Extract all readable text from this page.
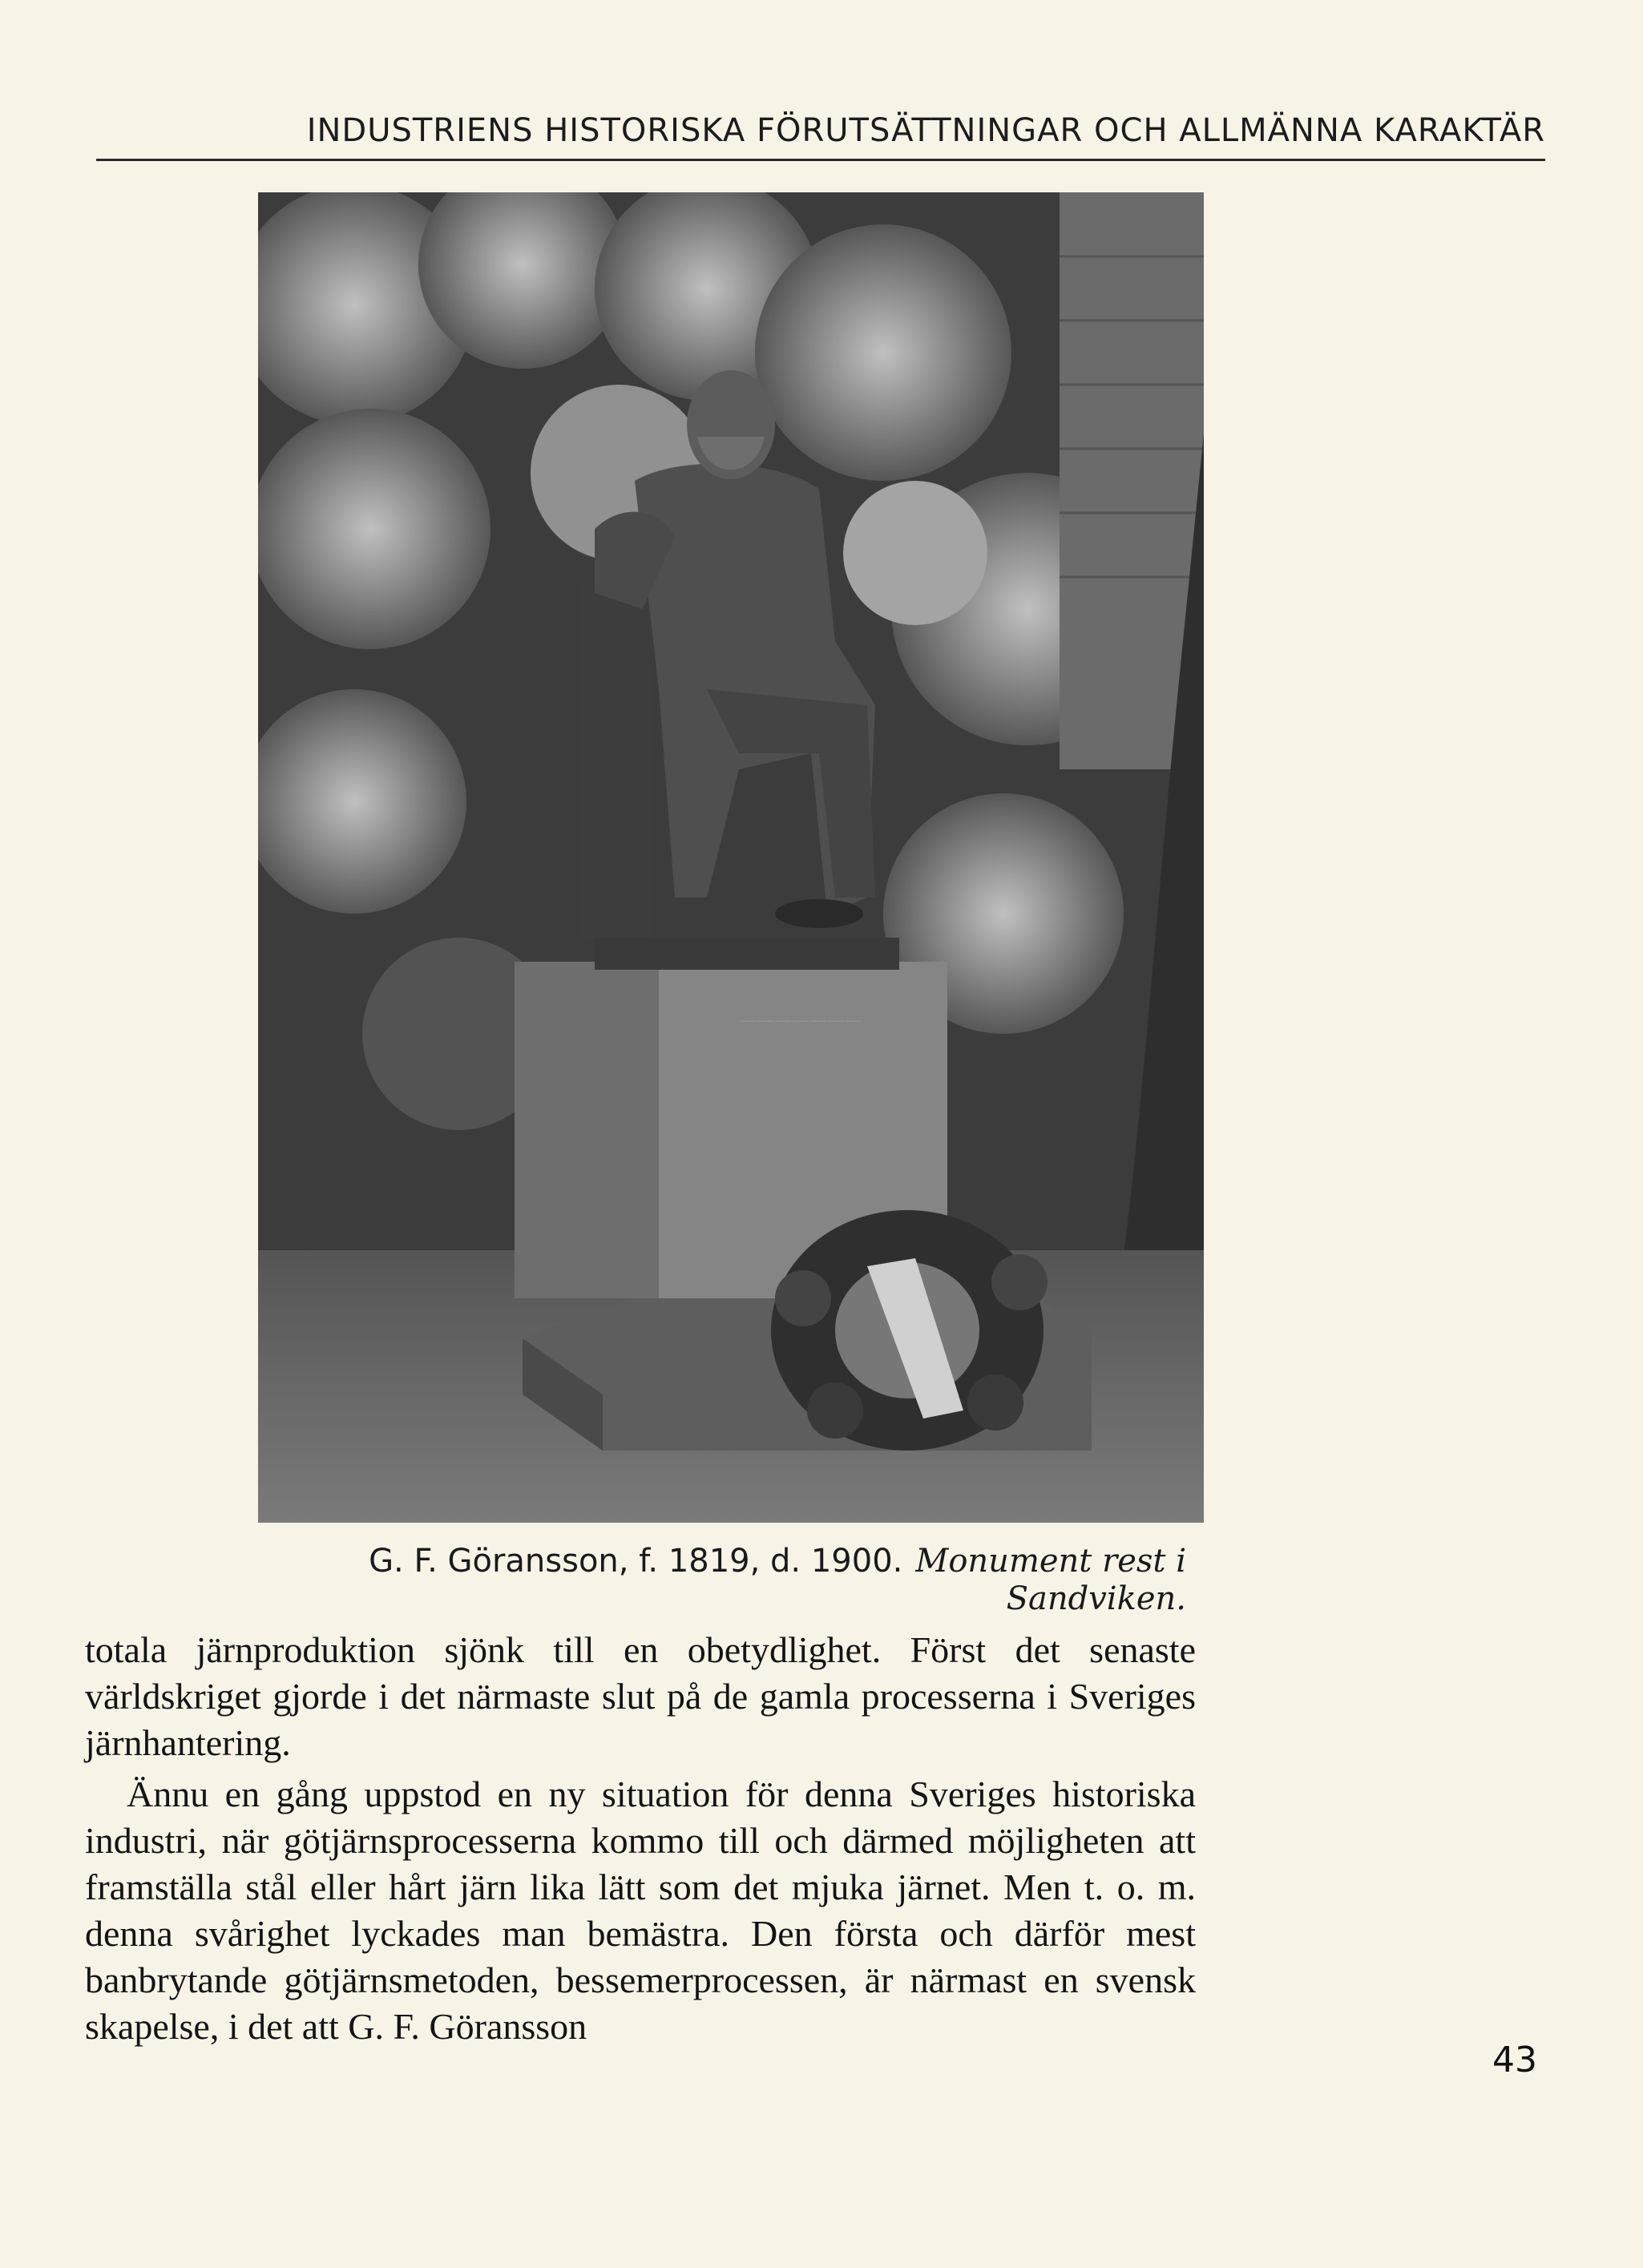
INDUSTRIENS HISTORISKA FÖRUTSÄTTNINGAR OCH ALLMÄNNA KARAKTÄR
———————
G. F. Göransson, f. 1819, d. 1900. Monument rest i Sandviken.

totala järnproduktion sjönk till en obetydlighet. Först det senaste världskriget gjorde i det närmaste slut på de gamla processerna i Sveriges järnhantering.

Ännu en gång uppstod en ny situation för denna Sveriges historiska industri, när götjärnsprocesserna kommo till och därmed möjligheten att framställa stål eller hårt järn lika lätt som det mjuka järnet. Men t. o. m. denna svårighet lyckades man bemästra. Den första och därför mest banbrytande götjärnsmetoden, bessemerprocessen, är närmast en svensk skapelse, i det att G. F. Göransson

43
